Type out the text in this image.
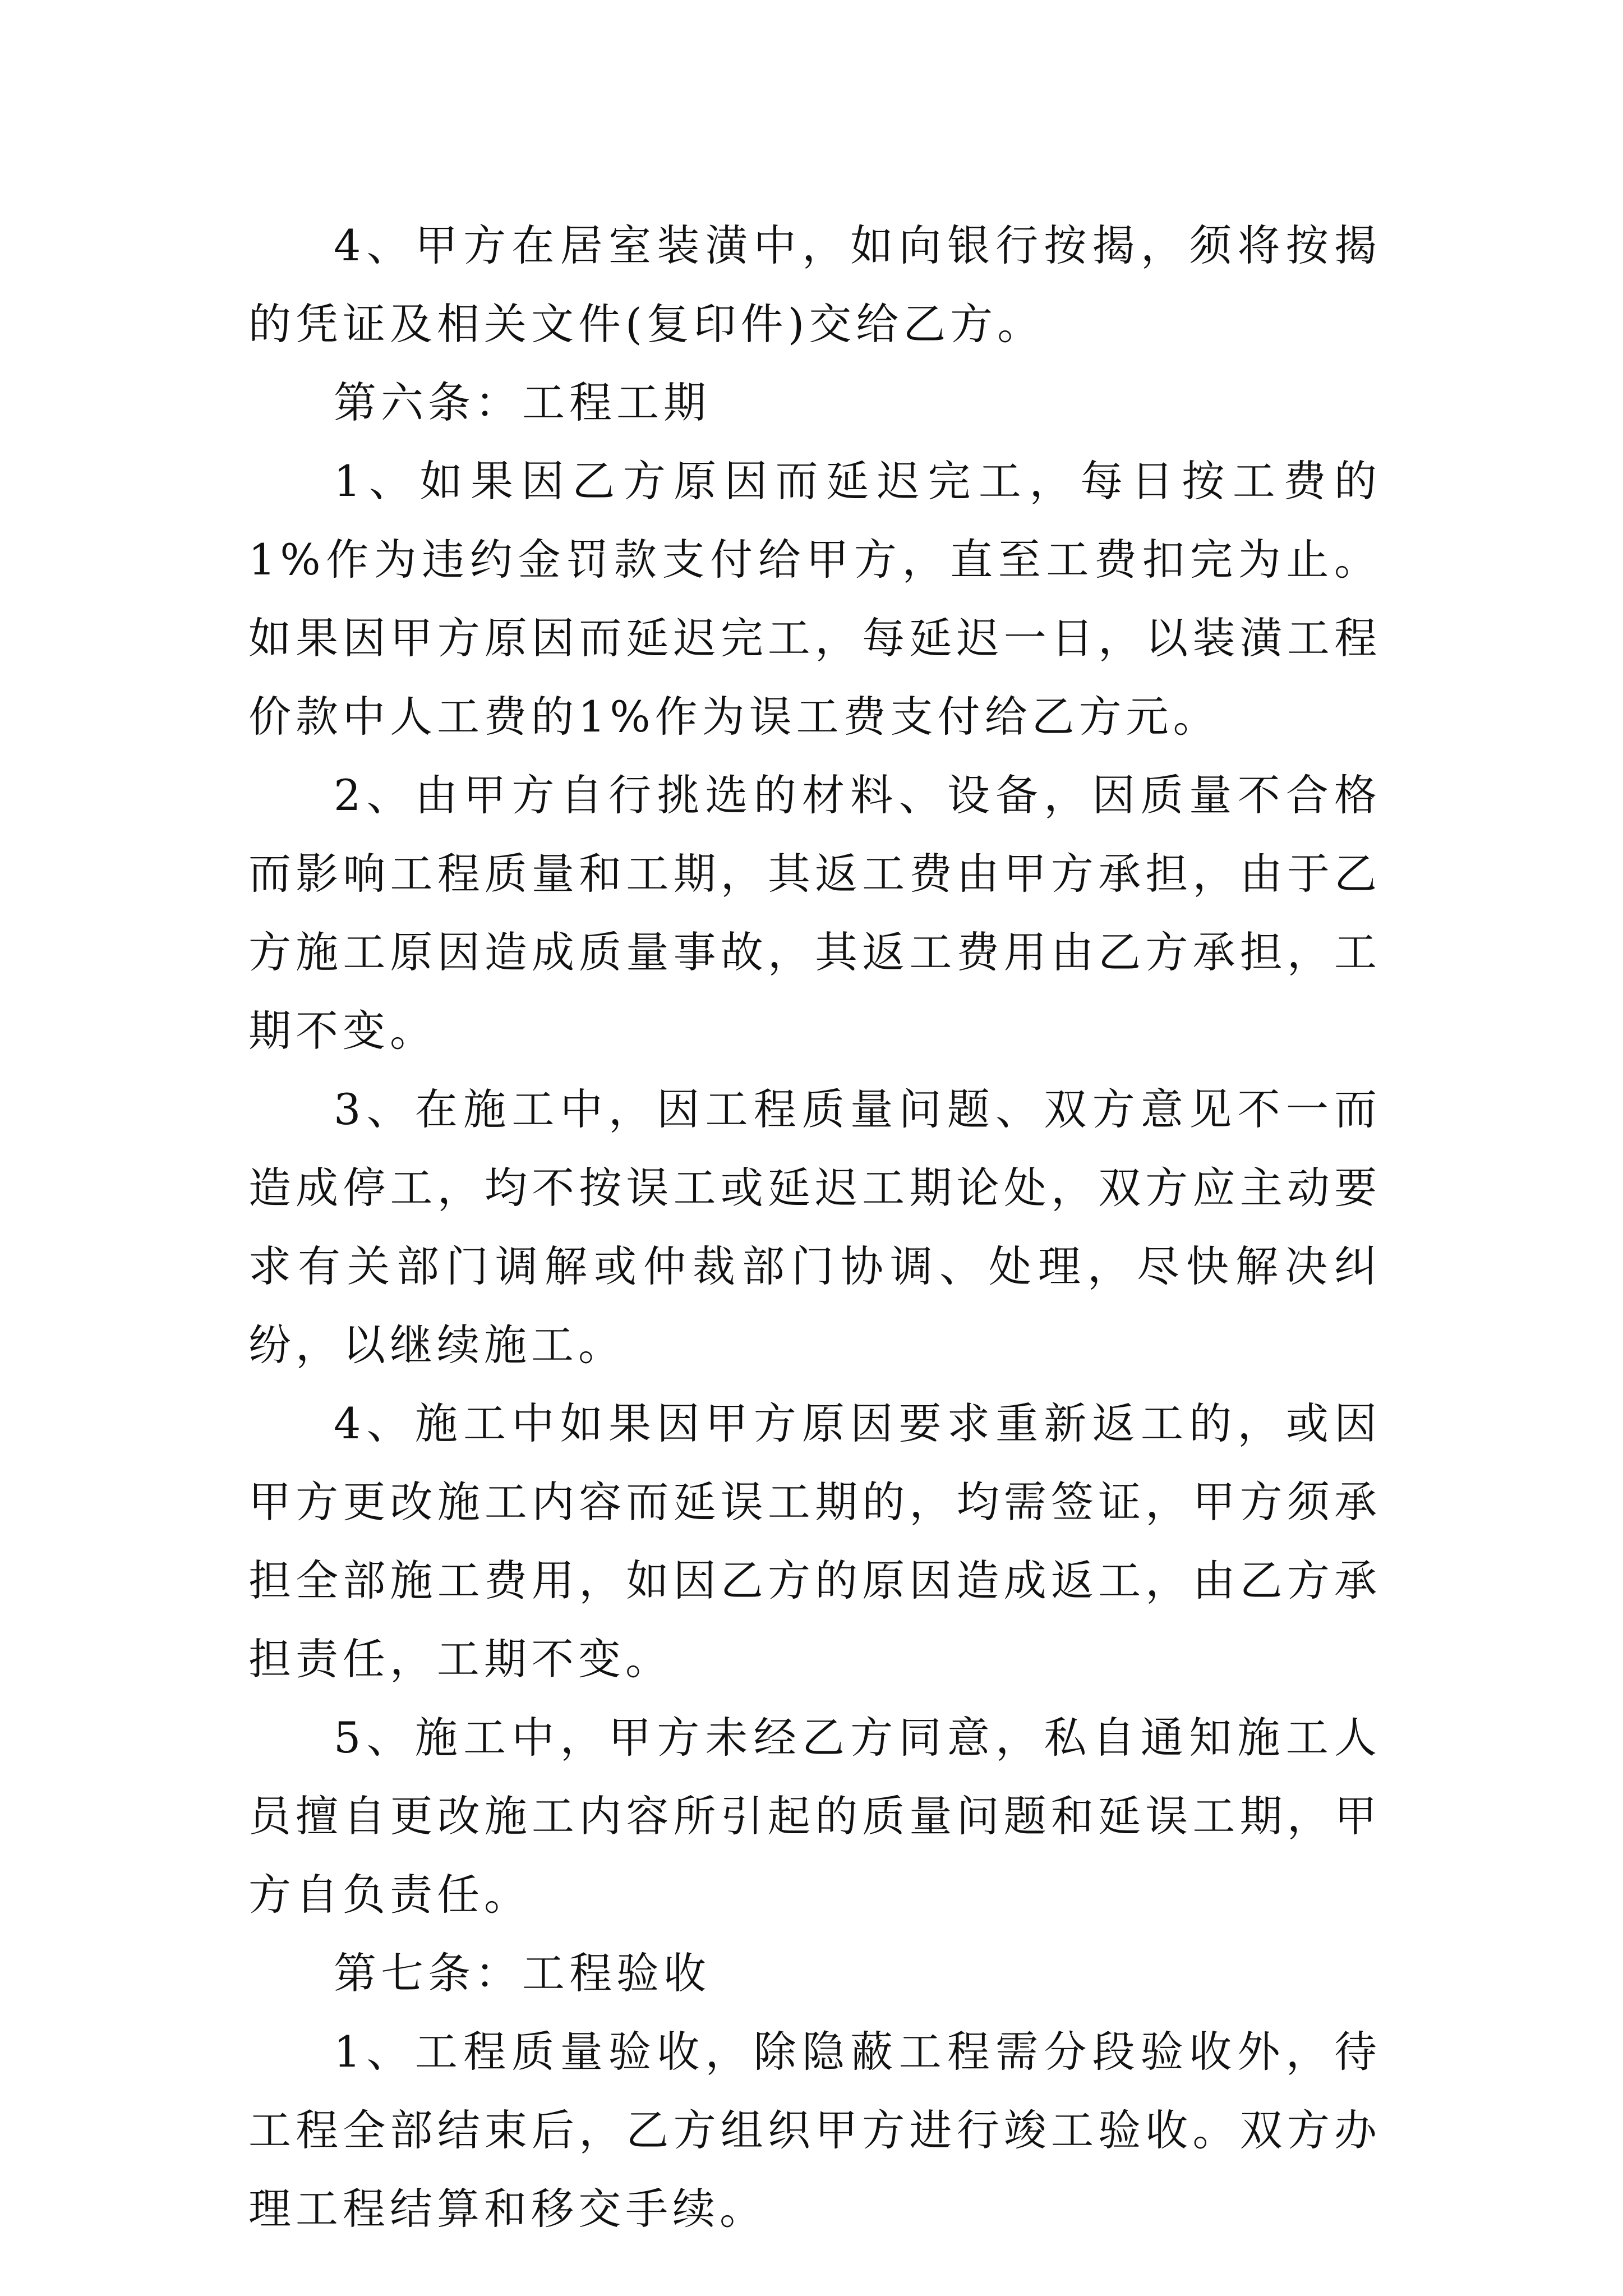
4、甲方在居室装潢中，如向银行按揭，须将按揭的凭证及相关文件(复印件)交给乙方。

第六条：工程工期

1、如果因乙方原因而延迟完工，每日按工费的1%作为违约金罚款支付给甲方，直至工费扣完为止。如果因甲方原因而延迟完工，每延迟一日，以装潢工程价款中人工费的1%作为误工费支付给乙方元。

2、由甲方自行挑选的材料、设备，因质量不合格而影响工程质量和工期，其返工费由甲方承担，由于乙方施工原因造成质量事故，其返工费用由乙方承担，工期不变。

3、在施工中，因工程质量问题、双方意见不一而造成停工，均不按误工或延迟工期论处，双方应主动要求有关部门调解或仲裁部门协调、处理，尽快解决纠纷，以继续施工。

4、施工中如果因甲方原因要求重新返工的，或因甲方更改施工内容而延误工期的，均需签证，甲方须承担全部施工费用，如因乙方的原因造成返工，由乙方承担责任，工期不变。

5、施工中，甲方未经乙方同意，私自通知施工人员擅自更改施工内容所引起的质量问题和延误工期，甲方自负责任。

第七条：工程验收

1、工程质量验收，除隐蔽工程需分段验收外，待工程全部结束后，乙方组织甲方进行竣工验收。双方办理工程结算和移交手续。
